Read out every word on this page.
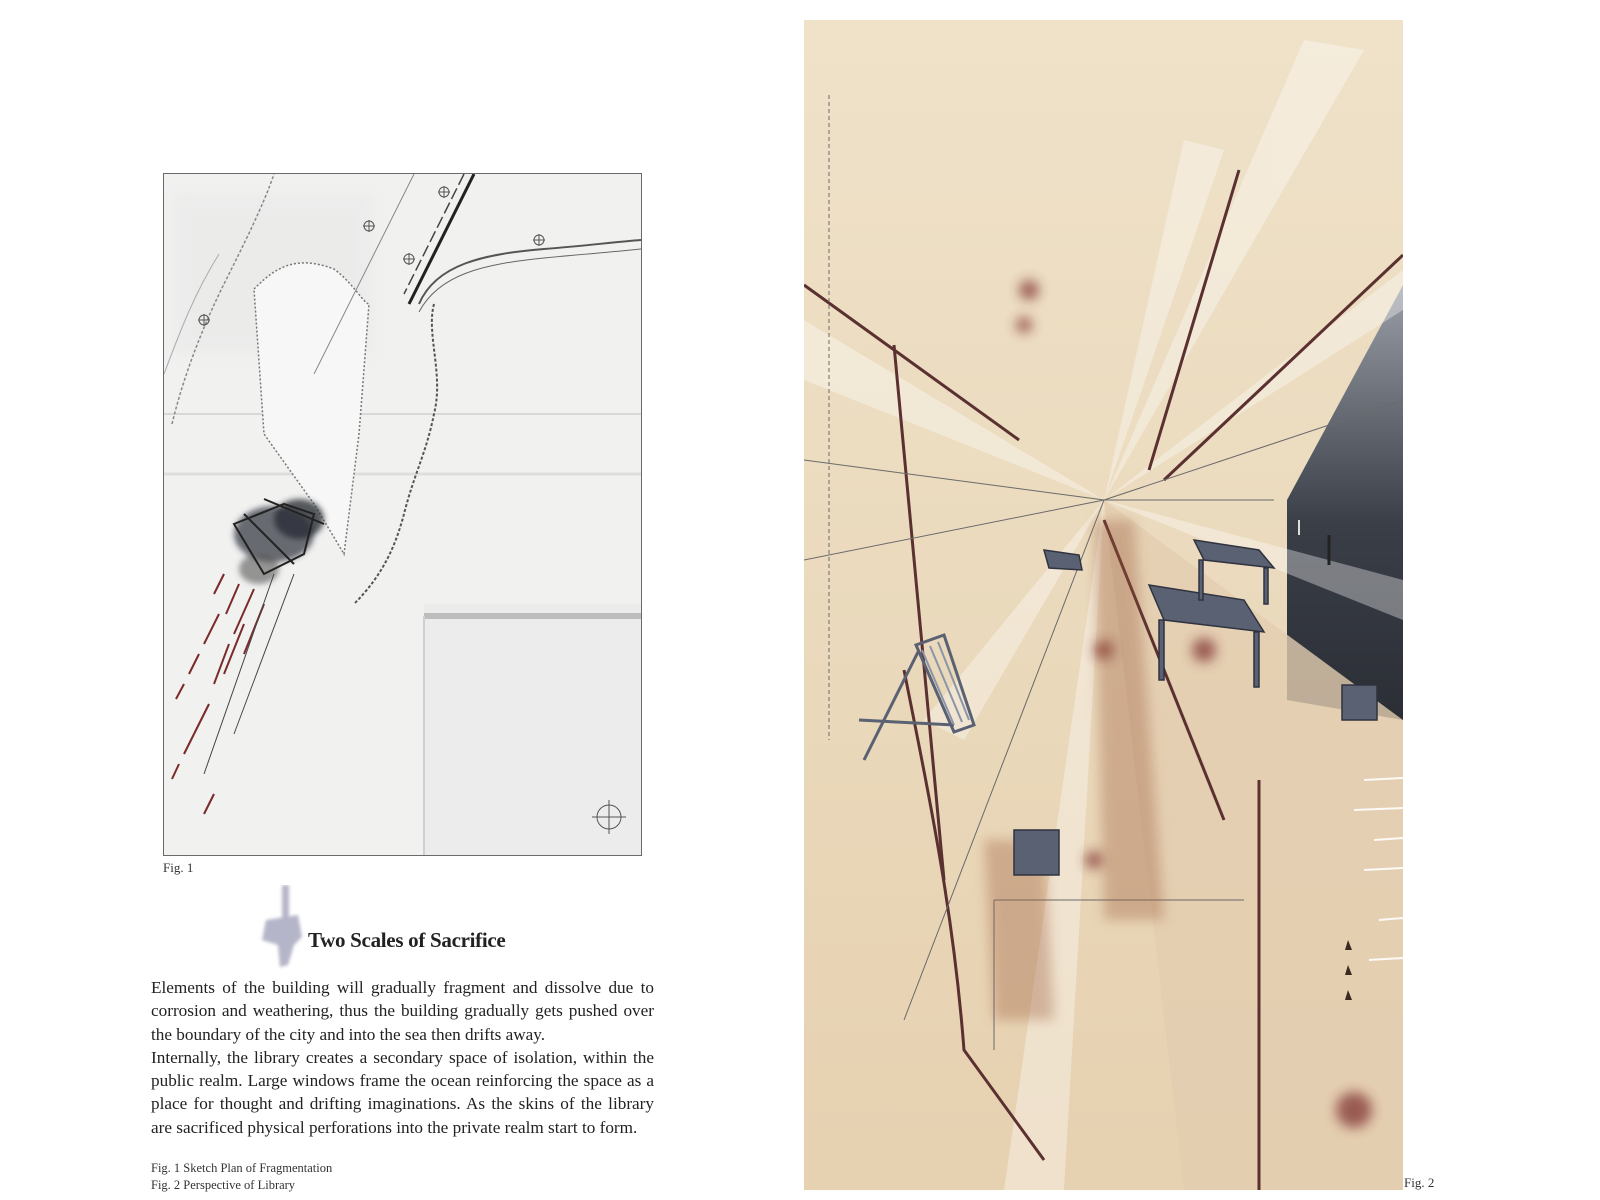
Fig. 1
Two Scales of Sacrifice

Elements of the building will gradually fragment and dissolve due to corrosion and weathering, thus the building gradually gets pushed over the boundary of the city and into the sea then drifts away.

Internally, the library creates a secondary space of isolation, within the public realm. Large windows frame the ocean reinforcing the space as a place for thought and drifting imaginations. As the skins of the library are sacrificed physical perforations into the private realm start to form.

Fig. 1 Sketch Plan of Fragmentation
Fig. 2 Perspective of Library	Fig. 2
